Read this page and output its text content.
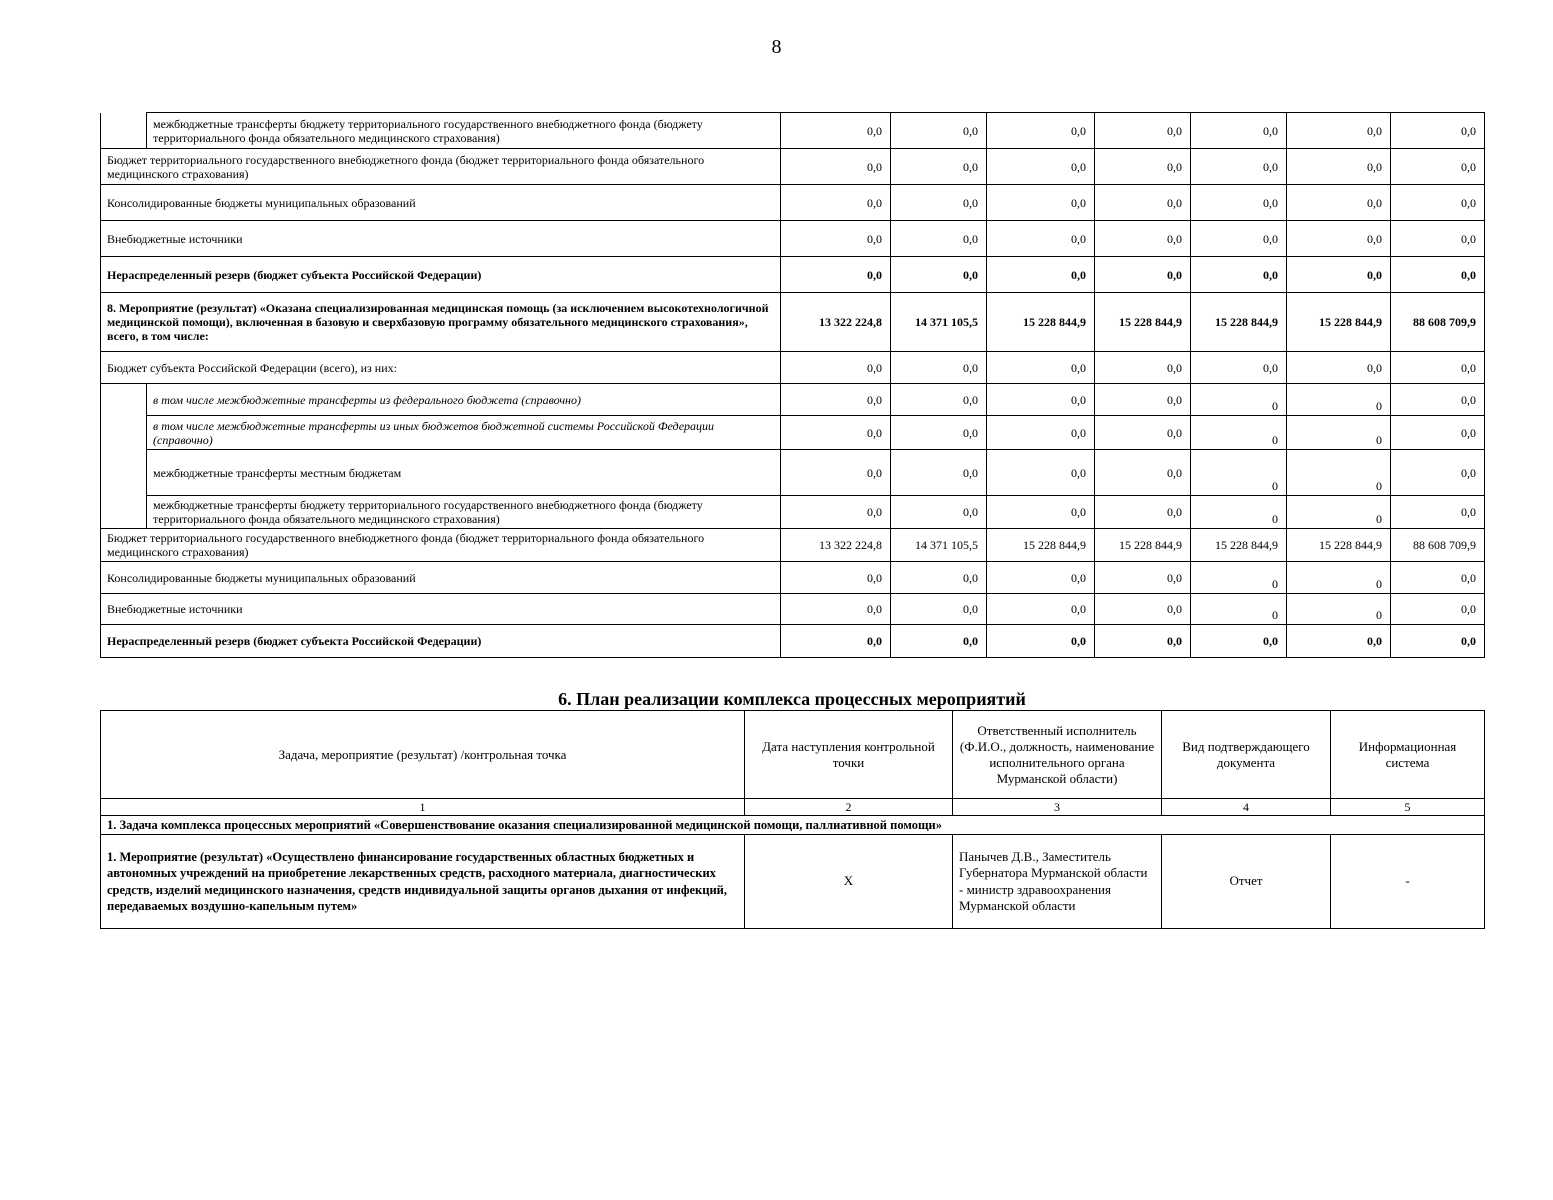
8
	межбюджетные трансферты бюджету территориального государственного внебюджетного фонда (бюджету территориального фонда обязательного медицинского страхования)	0,0	0,0	0,0	0,0	0,0	0,0	0,0
Бюджет территориального государственного внебюджетного фонда (бюджет территориального фонда обязательного медицинского страхования)		0,0	0,0	0,0	0,0	0,0	0,0	0,0
Консолидированные бюджеты муниципальных образований		0,0	0,0	0,0	0,0	0,0	0,0	0,0
Внебюджетные источники		0,0	0,0	0,0	0,0	0,0	0,0	0,0
Нераспределенный резерв (бюджет субъекта Российской Федерации)		0,0	0,0	0,0	0,0	0,0	0,0	0,0
8. Мероприятие (результат) «Оказана специализированная медицинская помощь (за исключением высокотехнологичной медицинской помощи), включенная в базовую и сверхбазовую программу обязательного медицинского страхования», всего, в том числе:		13 322 224,8	14 371 105,5	15 228 844,9	15 228 844,9	15 228 844,9	15 228 844,9	88 608 709,9
Бюджет субъекта Российской Федерации (всего), из них:		0,0	0,0	0,0	0,0	0,0	0,0	0,0
	в том числе межбюджетные трансферты из федерального бюджета (справочно)	0,0	0,0	0,0	0,0	0	0	0,0
	в том числе межбюджетные трансферты из иных бюджетов бюджетной системы Российской Федерации (справочно)	0,0	0,0	0,0	0,0	0	0	0,0
	межбюджетные трансферты местным бюджетам	0,0	0,0	0,0	0,0	0	0	0,0
	межбюджетные трансферты бюджету территориального государственного внебюджетного фонда (бюджету территориального фонда обязательного медицинского страхования)	0,0	0,0	0,0	0,0	0	0	0,0
Бюджет территориального государственного внебюджетного фонда (бюджет территориального фонда обязательного медицинского страхования)		13 322 224,8	14 371 105,5	15 228 844,9	15 228 844,9	15 228 844,9	15 228 844,9	88 608 709,9
Консолидированные бюджеты муниципальных образований		0,0	0,0	0,0	0,0	0	0	0,0
Внебюджетные источники		0,0	0,0	0,0	0,0	0	0	0,0
Нераспределенный резерв (бюджет субъекта Российской Федерации)		0,0	0,0	0,0	0,0	0,0	0,0	0,0
6. План реализации комплекса процессных мероприятий
Задача, мероприятие (результат) /контрольная точка	Дата наступления контрольной точки	Ответственный исполнитель (Ф.И.О., должность, наименование исполнительного органа Мурманской области)	Вид подтверждающего документа	Информационная система
1	2	3	4	5
1. Задача комплекса процессных мероприятий «Совершенствование оказания специализированной медицинской помощи, паллиативной помощи»				
1. Мероприятие (результат) «Осуществлено финансирование государственных областных бюджетных и автономных учреждений на приобретение лекарственных средств, расходного материала, диагностических средств, изделий медицинского назначения, средств индивидуальной защиты органов дыхания от инфекций, передаваемых воздушно-капельным путем»	X	Панычев Д.В., Заместитель Губернатора Мурманской области - министр здравоохранения Мурманской области	Отчет	-
